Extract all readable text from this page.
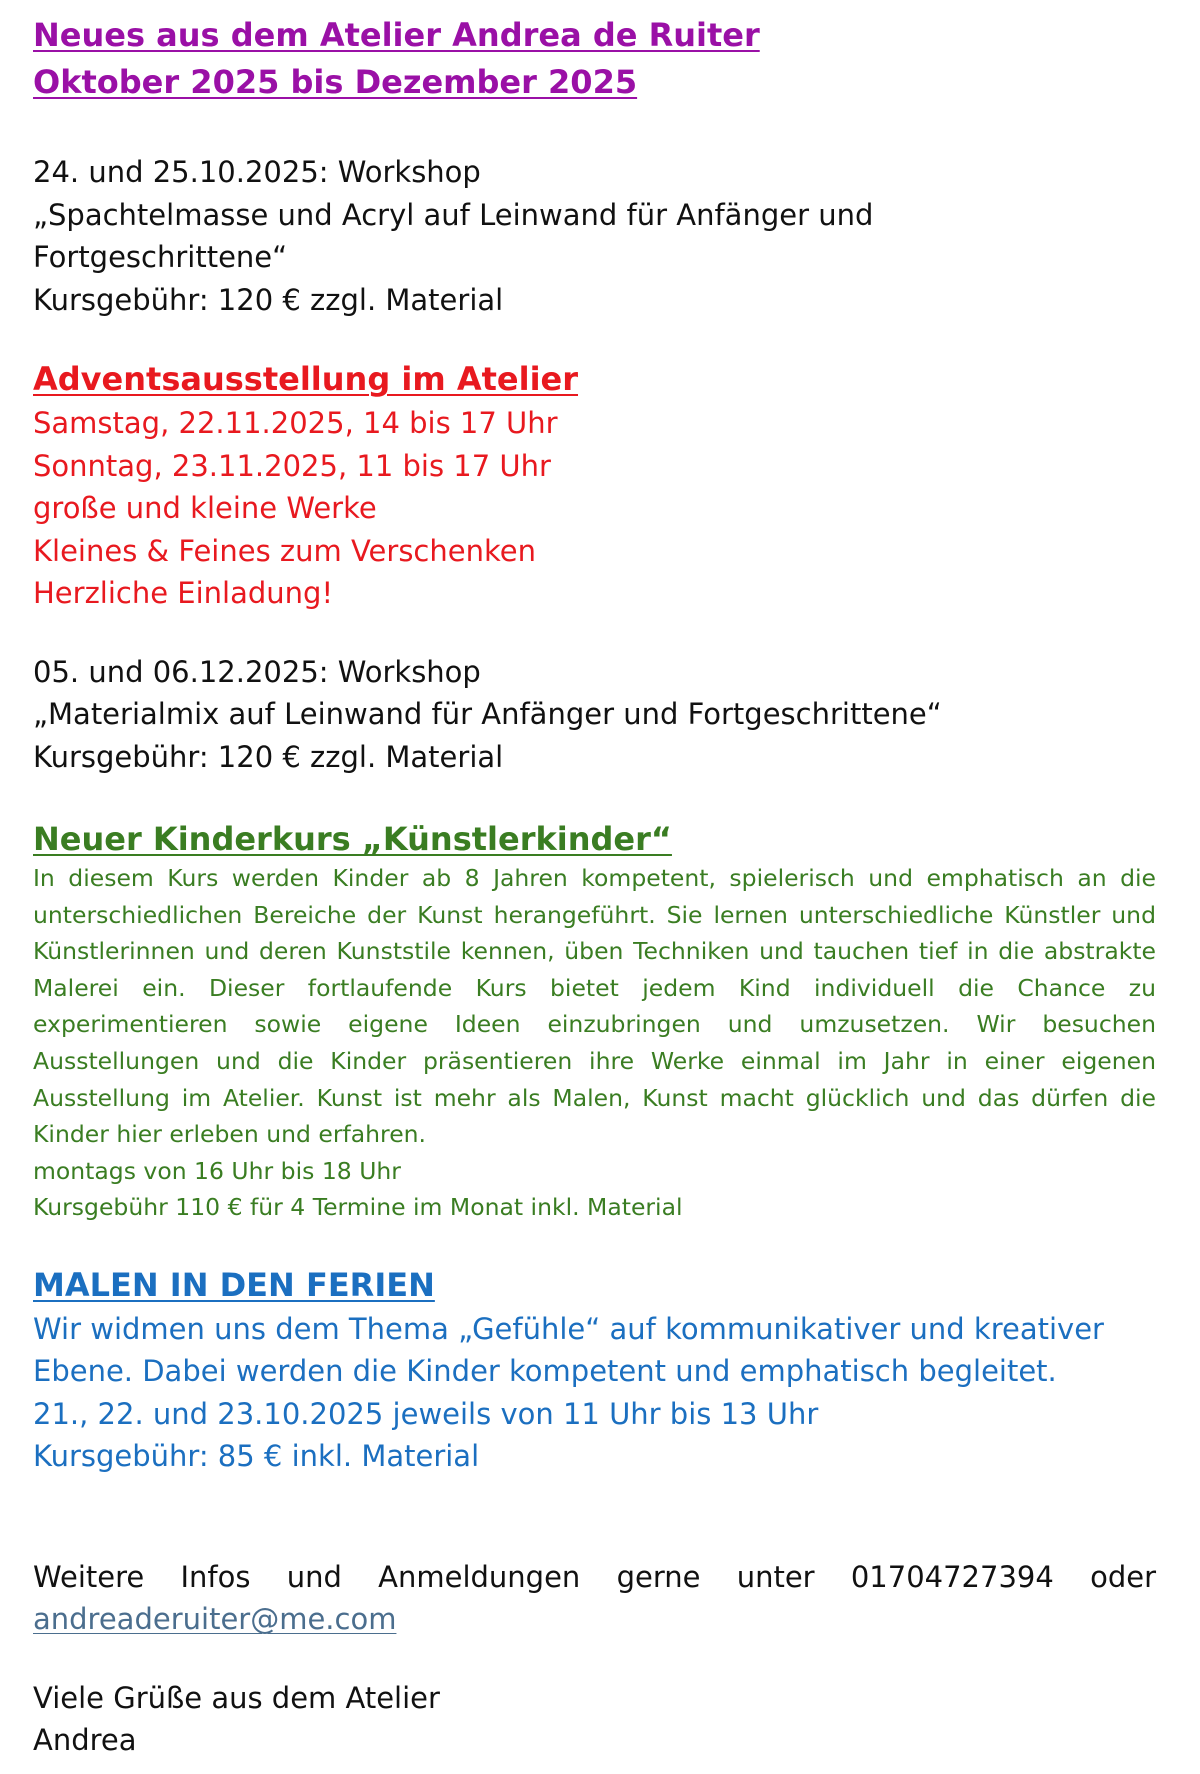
Neues aus dem Atelier Andrea de Ruiter

Oktober 2025 bis Dezember 2025

24. und 25.10.2025: Workshop

„Spachtelmasse und Acryl auf Leinwand für Anfänger und

Fortgeschrittene“

Kursgebühr: 120 € zzgl. Material

Adventsausstellung im Atelier

Samstag, 22.11.2025, 14 bis 17 Uhr

Sonntag, 23.11.2025, 11 bis 17 Uhr

große und kleine Werke

Kleines & Feines zum Verschenken

Herzliche Einladung!

05. und 06.12.2025: Workshop

„Materialmix auf Leinwand für Anfänger und Fortgeschrittene“

Kursgebühr: 120 € zzgl. Material

Neuer Kinderkurs „Künstlerkinder“

In diesem Kurs werden Kinder ab 8 Jahren kompetent, spielerisch und emphatisch an die unterschiedlichen Bereiche der Kunst herangeführt. Sie lernen unterschiedliche Künstler und Künstlerinnen und deren Kunststile kennen, üben Techniken und tauchen tief in die abstrakte Malerei ein. Dieser fortlaufende Kurs bietet jedem Kind individuell die Chance zu experimentieren sowie eigene Ideen einzubringen und umzusetzen. Wir besuchen Ausstellungen und die Kinder präsentieren ihre Werke einmal im Jahr in einer eigenen Ausstellung im Atelier. Kunst ist mehr als Malen, Kunst macht glücklich und das dürfen die Kinder hier erleben und erfahren.

montags von 16 Uhr bis 18 Uhr

Kursgebühr 110 € für 4 Termine im Monat inkl. Material

MALEN IN DEN FERIEN

Wir widmen uns dem Thema „Gefühle“ auf kommunikativer und kreativer

Ebene. Dabei werden die Kinder kompetent und emphatisch begleitet.

21., 22. und 23.10.2025 jeweils von 11 Uhr bis 13 Uhr

Kursgebühr: 85 € inkl. Material

Weitere Infos und Anmeldungen gerne unter 01704727394 oder

andreaderuiter@me.com

Viele Grüße aus dem Atelier

Andrea
